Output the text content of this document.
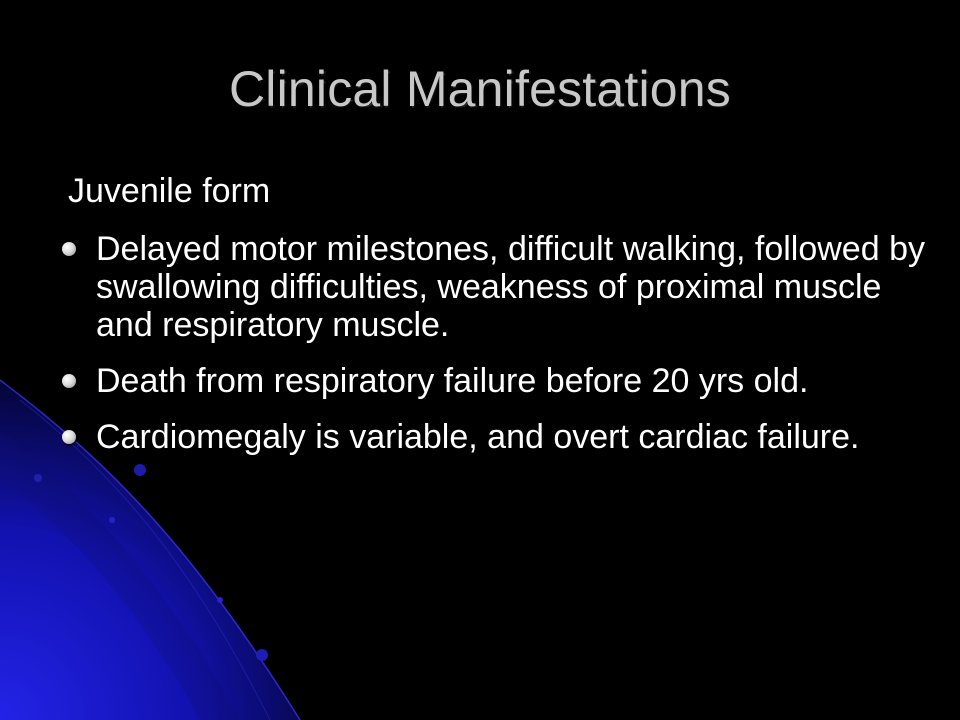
Clinical Manifestations
Juvenile form
Delayed motor milestones, difficult walking, followed by swallowing difficulties, weakness of proximal muscle and respiratory muscle.
Death from respiratory failure before 20 yrs old.
Cardiomegaly is variable, and overt cardiac failure.
